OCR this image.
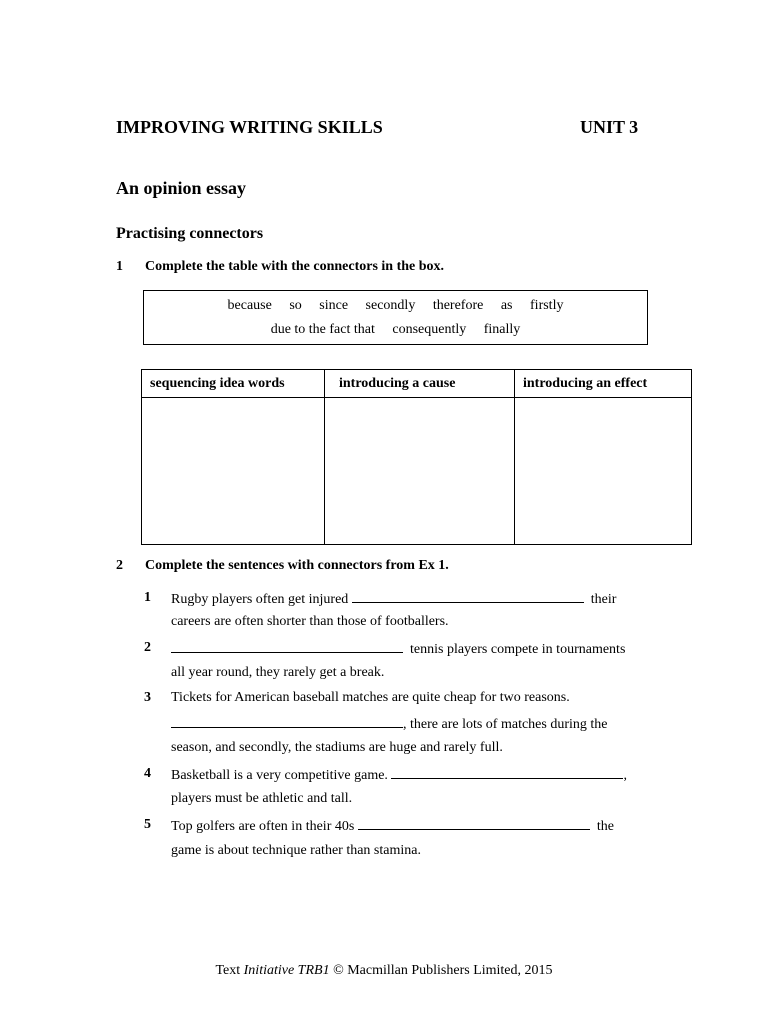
IMPROVING WRITING SKILLS	UNIT 3
An opinion essay
Practising connectors
1 Complete the table with the connectors in the box.
because so since secondly therefore as firstly
due to the fact that consequently finally
sequencing idea words	introducing a cause	introducing an effect

2 Complete the sentences with connectors from Ex 1.
1 Rugby players often get injured	their
careers are often shorter than those of footballers.
2	tennis players compete in tournaments
all year round, they rarely get a break.
3 Tickets for American baseball matches are quite cheap for two reasons.
, there are lots of matches during the
season, and secondly, the stadiums are huge and rarely full.
4 Basketball is a very competitive game.	,
players must be athletic and tall.
5 Top golfers are often in their 40s	the
game is about technique rather than stamina.
Text Initiative TRB1 © Macmillan Publishers Limited, 2015
